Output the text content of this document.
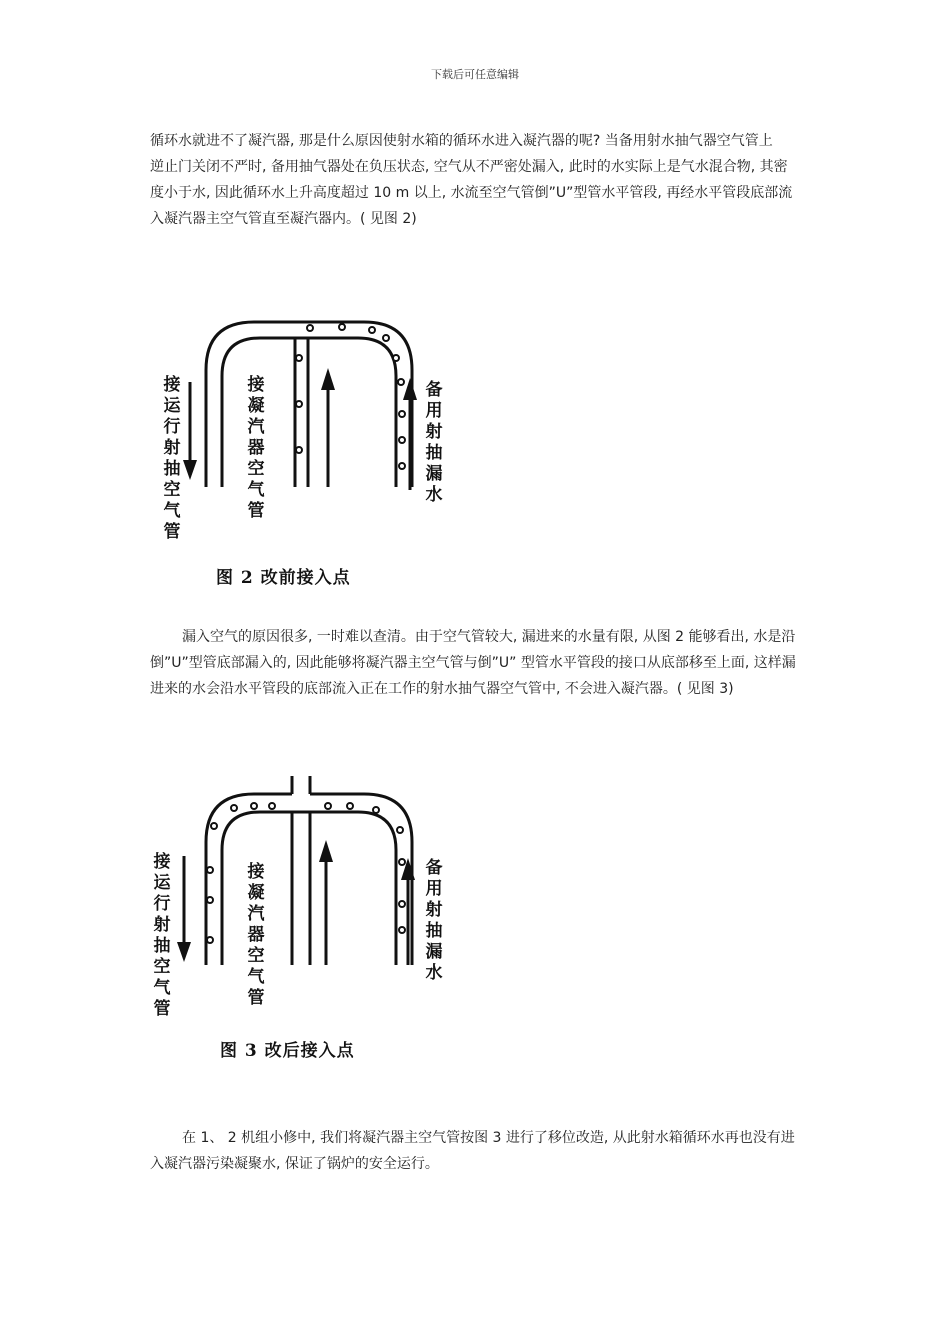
下载后可任意编辑

循环水就进不了凝汽器, 那是什么原因使射水箱的循环水进入凝汽器的呢? 当备用射水抽气器空气管上

逆止门关闭不严时, 备用抽气器处在负压状态, 空气从不严密处漏入, 此时的水实际上是气水混合物, 其密度小于水, 因此循环水上升高度超过 10 m 以上, 水流至空气管倒”U”型管水平管段, 再经水平管段底部流入凝汽器主空气管直至凝汽器内。( 见图 2)

接运行射抽空气管
接凝汽器空气管
备用射抽漏水
图 2 改前接入点
漏入空气的原因很多, 一时难以查清。由于空气管较大, 漏进来的水量有限, 从图 2 能够看出, 水是沿倒”U”型管底部漏入的, 因此能够将凝汽器主空气管与倒”U” 型管水平管段的接口从底部移至上面, 这样漏进来的水会沿水平管段的底部流入正在工作的射水抽气器空气管中, 不会进入凝汽器。( 见图 3)
接运行射抽空气管
接凝汽器空气管
备用射抽漏水
图 3 改后接入点
在 1、 2 机组小修中, 我们将凝汽器主空气管按图 3 进行了移位改造, 从此射水箱循环水再也没有进入凝汽器污染凝聚水, 保证了锅炉的安全运行。
